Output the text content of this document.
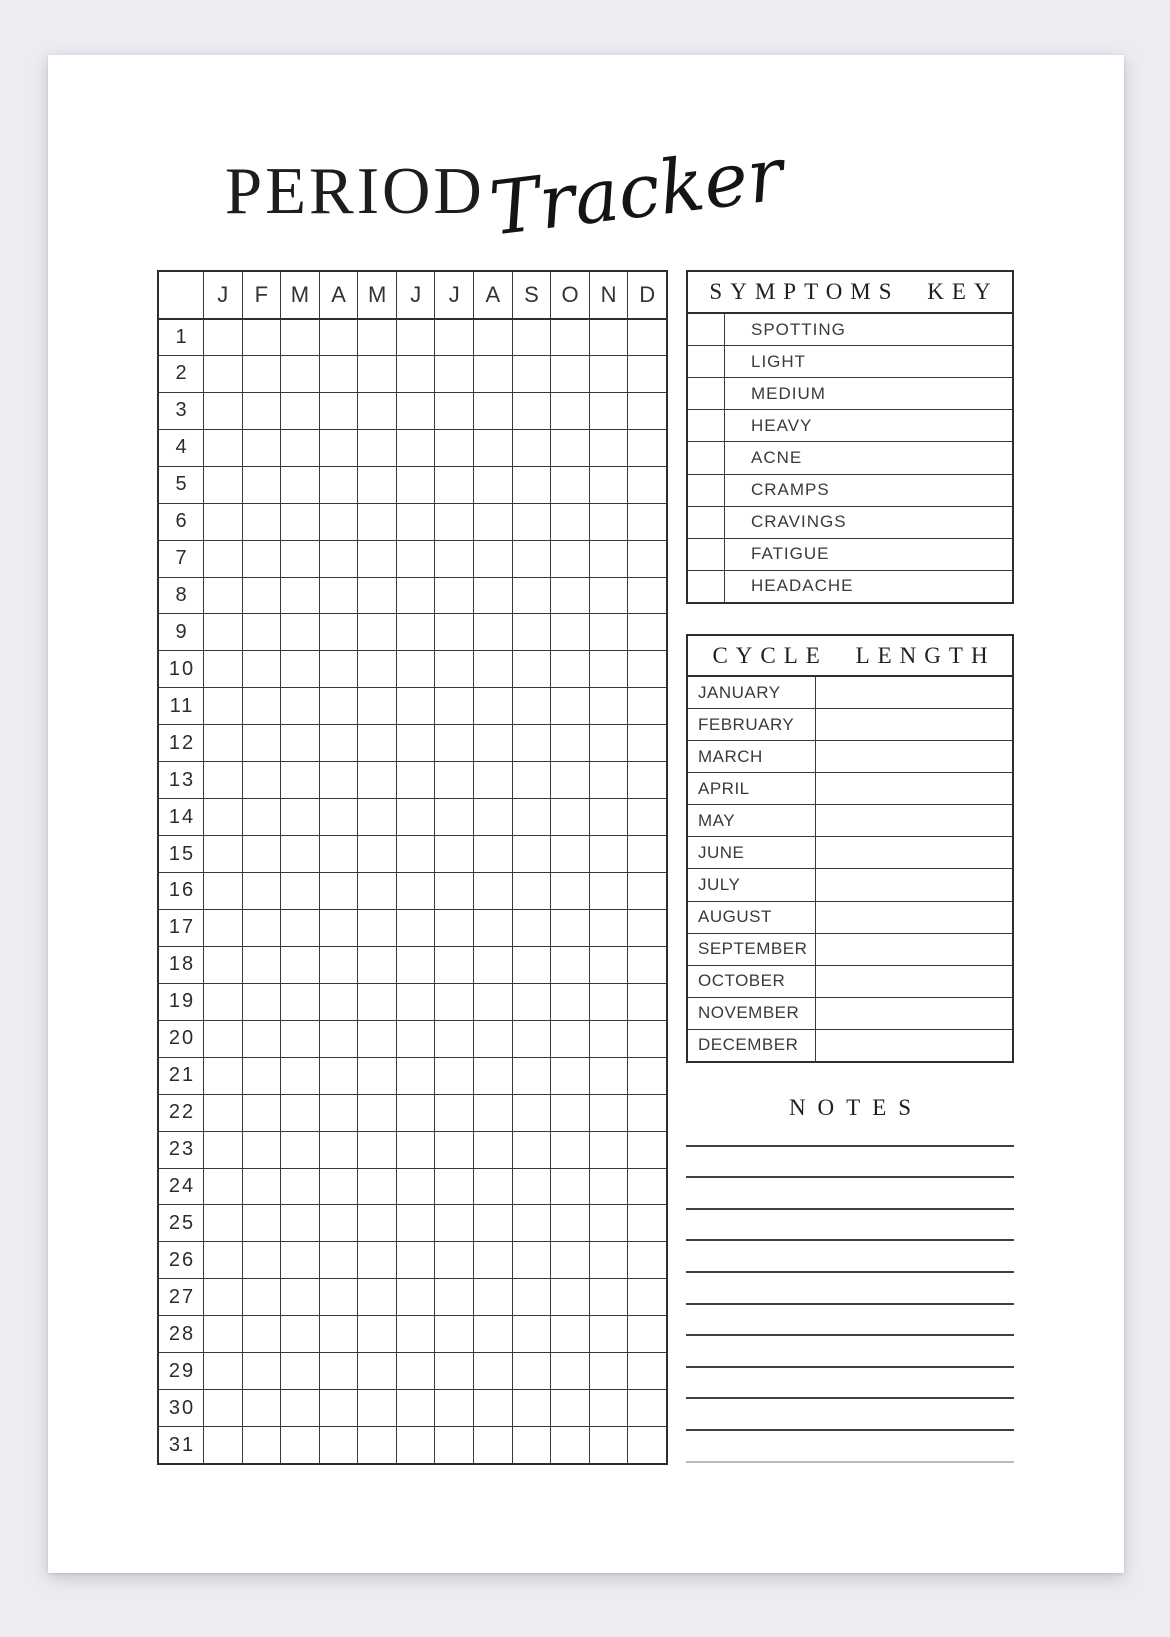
PERIOD Tracker
J	F	M	A	M	J	J	A	S	O	N	D
1
2
3
4
5
6
7
8
9
10
11
12
13
14
15
16
17
18
19
20
21
22
23
24
25
26
27
28
29
30
31
SYMPTOMS KEY
SPOTTING
LIGHT
MEDIUM
HEAVY
ACNE
CRAMPS
CRAVINGS
FATIGUE
HEADACHE
CYCLE LENGTH
JANUARY
FEBRUARY
MARCH
APRIL
MAY
JUNE
JULY
AUGUST
SEPTEMBER
OCTOBER
NOVEMBER
DECEMBER
NOTES
